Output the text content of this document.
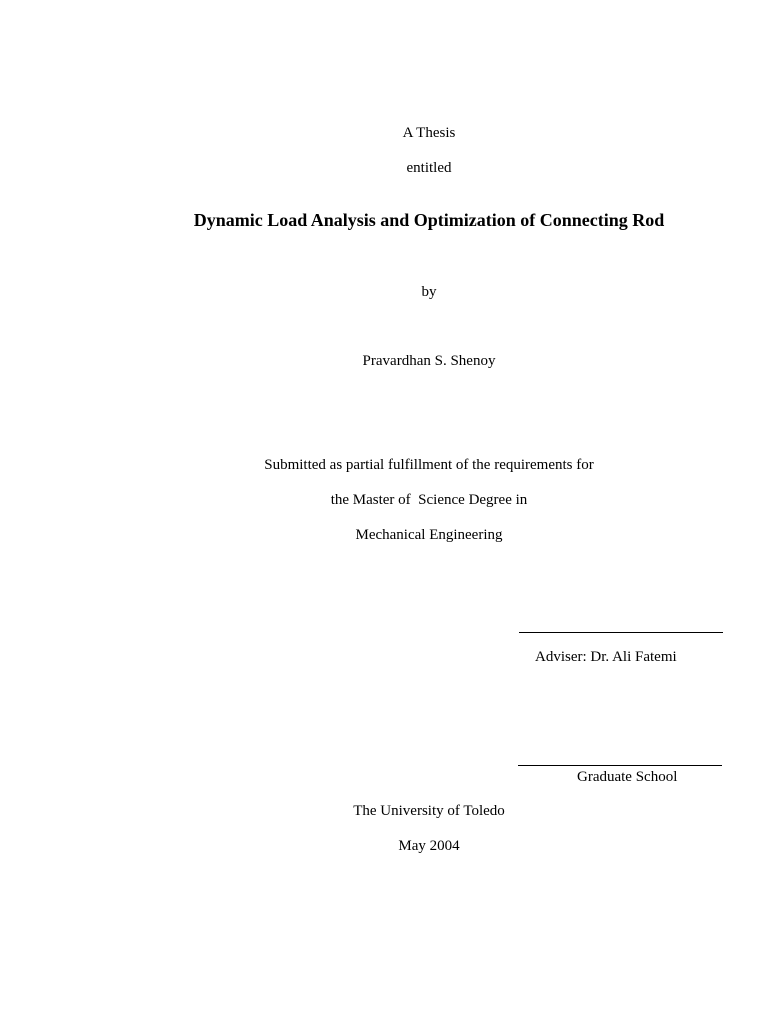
A Thesis
entitled
Dynamic Load Analysis and Optimization of Connecting Rod
by
Pravardhan S. Shenoy
Submitted as partial fulfillment of the requirements for
the Master of  Science Degree in
Mechanical Engineering
Adviser: Dr. Ali Fatemi
Graduate School
The University of Toledo
May 2004
